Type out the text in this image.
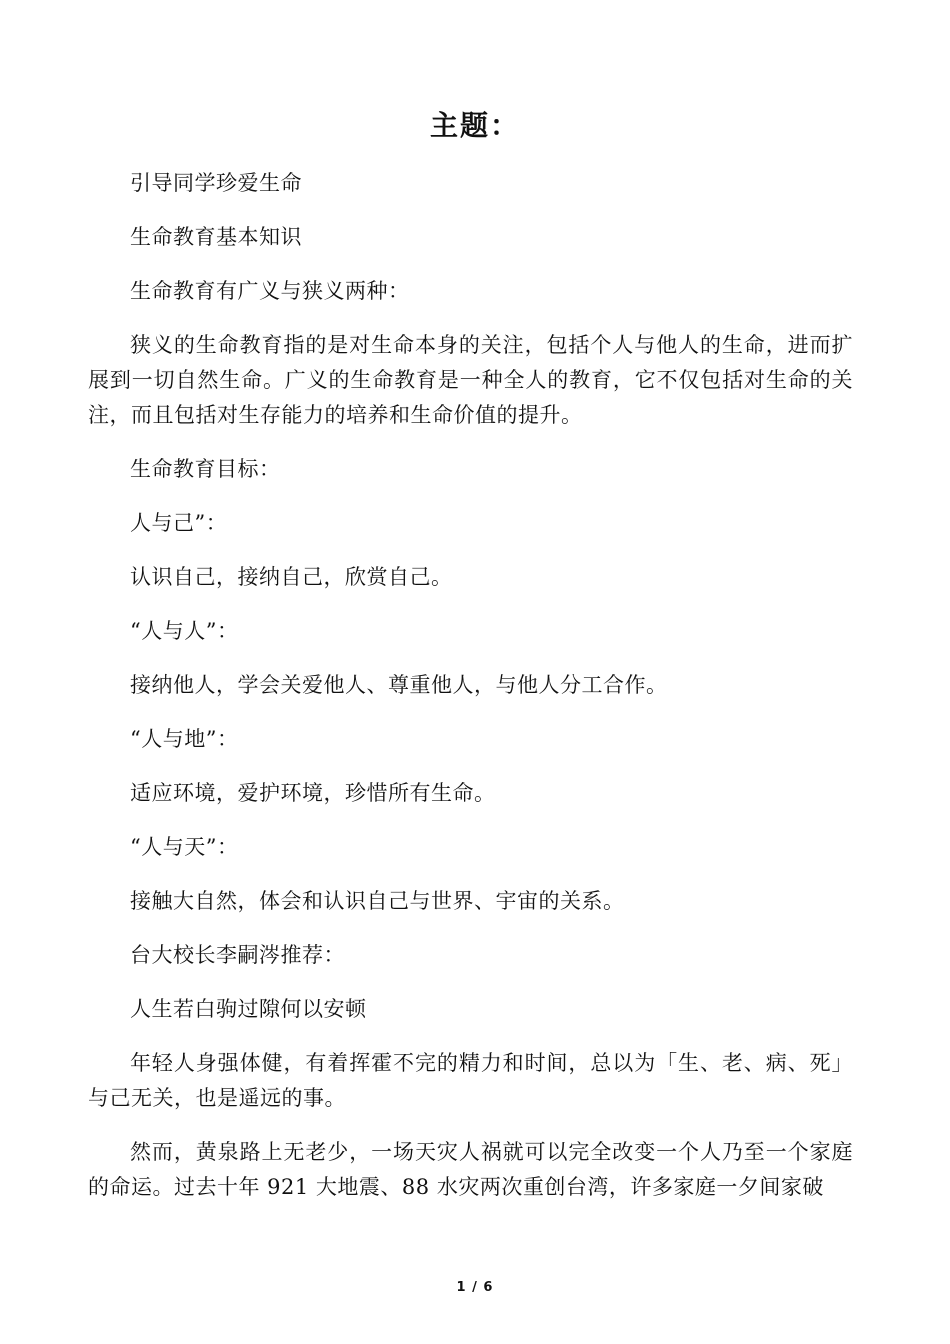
主题：

引导同学珍爱生命

生命教育基本知识

生命教育有广义与狭义两种：

狭义的生命教育指的是对生命本身的关注，包括个人与他人的生命，进而扩展到一切自然生命。广义的生命教育是一种全人的教育，它不仅包括对生命的关注，而且包括对生存能力的培养和生命价值的提升。

生命教育目标：

人与己”：

认识自己，接纳自己，欣赏自己。

“人与人”：

接纳他人，学会关爱他人、尊重他人，与他人分工合作。

“人与地”：

适应环境，爱护环境，珍惜所有生命。

“人与天”：

接触大自然，体会和认识自己与世界、宇宙的关系。

台大校长李嗣涔推荐：

人生若白驹过隙何以安顿

年轻人身强体健，有着挥霍不完的精力和时间，总以为「生、老、病、死」与己无关，也是遥远的事。

然而，黄泉路上无老少，一场天灾人祸就可以完全改变一个人乃至一个家庭的命运。过去十年 921 大地震、88 水灾两次重创台湾，许多家庭一夕间家破

1 / 6
